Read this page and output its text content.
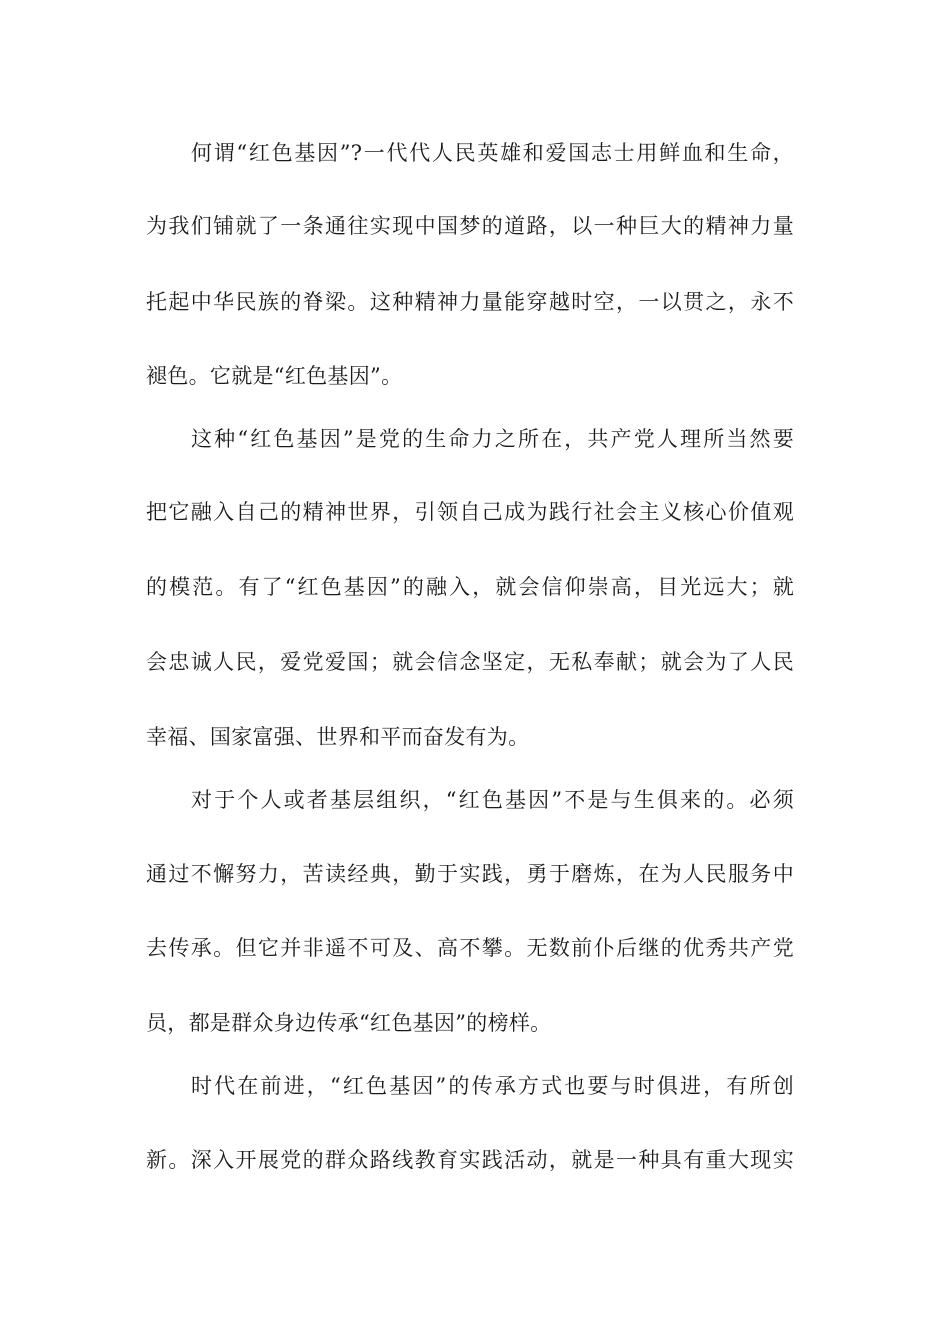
何谓“红色基因”?一代代人民英雄和爱国志士用鲜血和生命，
为我们铺就了一条通往实现中国梦的道路，以一种巨大的精神力量
托起中华民族的脊梁。这种精神力量能穿越时空，一以贯之，永不
褪色。它就是“红色基因”。
这种“红色基因”是党的生命力之所在，共产党人理所当然要
把它融入自己的精神世界，引领自己成为践行社会主义核心价值观
的模范。有了“红色基因”的融入，就会信仰崇高，目光远大；就
会忠诚人民，爱党爱国；就会信念坚定，无私奉献；就会为了人民
幸福、国家富强、世界和平而奋发有为。
对于个人或者基层组织，“红色基因”不是与生俱来的。必须
通过不懈努力，苦读经典，勤于实践，勇于磨炼，在为人民服务中
去传承。但它并非遥不可及、高不攀。无数前仆后继的优秀共产党
员，都是群众身边传承“红色基因”的榜样。
时代在前进，“红色基因”的传承方式也要与时俱进，有所创
新。深入开展党的群众路线教育实践活动，就是一种具有重大现实
